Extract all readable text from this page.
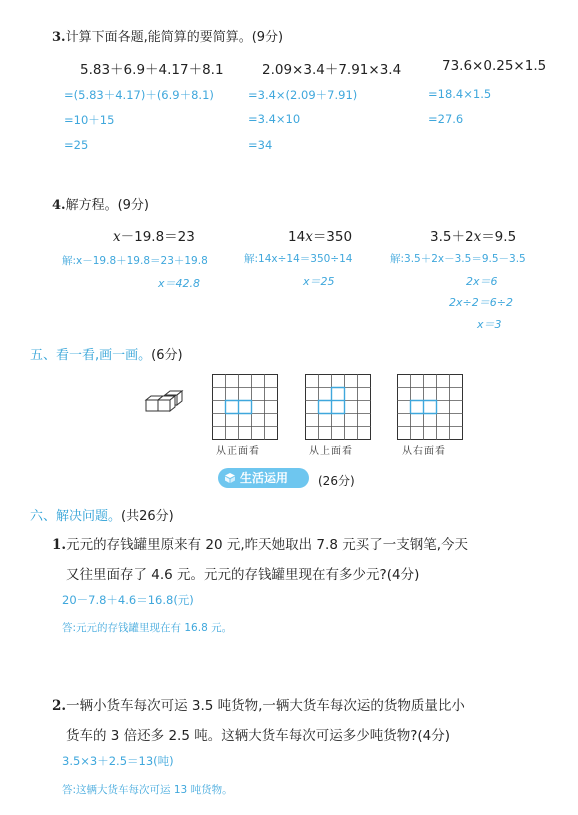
3.计算下面各题,能简算的要简算。(9分)
5.83＋6.9＋4.17＋8.1	2.09×3.4＋7.91×3.4	73.6×0.25×1.5
=(5.83＋4.17)＋(6.9＋8.1)
=10＋15
=25
=3.4×(2.09＋7.91)
=3.4×10
=34
=18.4×1.5
=27.6
4.解方程。(9分)
x－19.8＝23	14x＝350	3.5＋2x＝9.5
解:x－19.8＋19.8＝23＋19.8
x＝42.8
解:14x÷14＝350÷14
x＝25
解:3.5＋2x－3.5＝9.5－3.5
2x＝6
2x÷2＝6÷2
x＝3
五、看一看,画一画。(6分)
从正面看	从上面看	从右面看
生活运用 (26分)
六、解决问题。(共26分)
1.元元的存钱罐里原来有 20 元,昨天她取出 7.8 元买了一支钢笔,今天
又往里面存了 4.6 元。元元的存钱罐里现在有多少元?(4分)
20－7.8＋4.6＝16.8(元)
答:元元的存钱罐里现在有 16.8 元。
2.一辆小货车每次可运 3.5 吨货物,一辆大货车每次运的货物质量比小
货车的 3 倍还多 2.5 吨。这辆大货车每次可运多少吨货物?(4分)
3.5×3＋2.5＝13(吨)
答:这辆大货车每次可运 13 吨货物。
